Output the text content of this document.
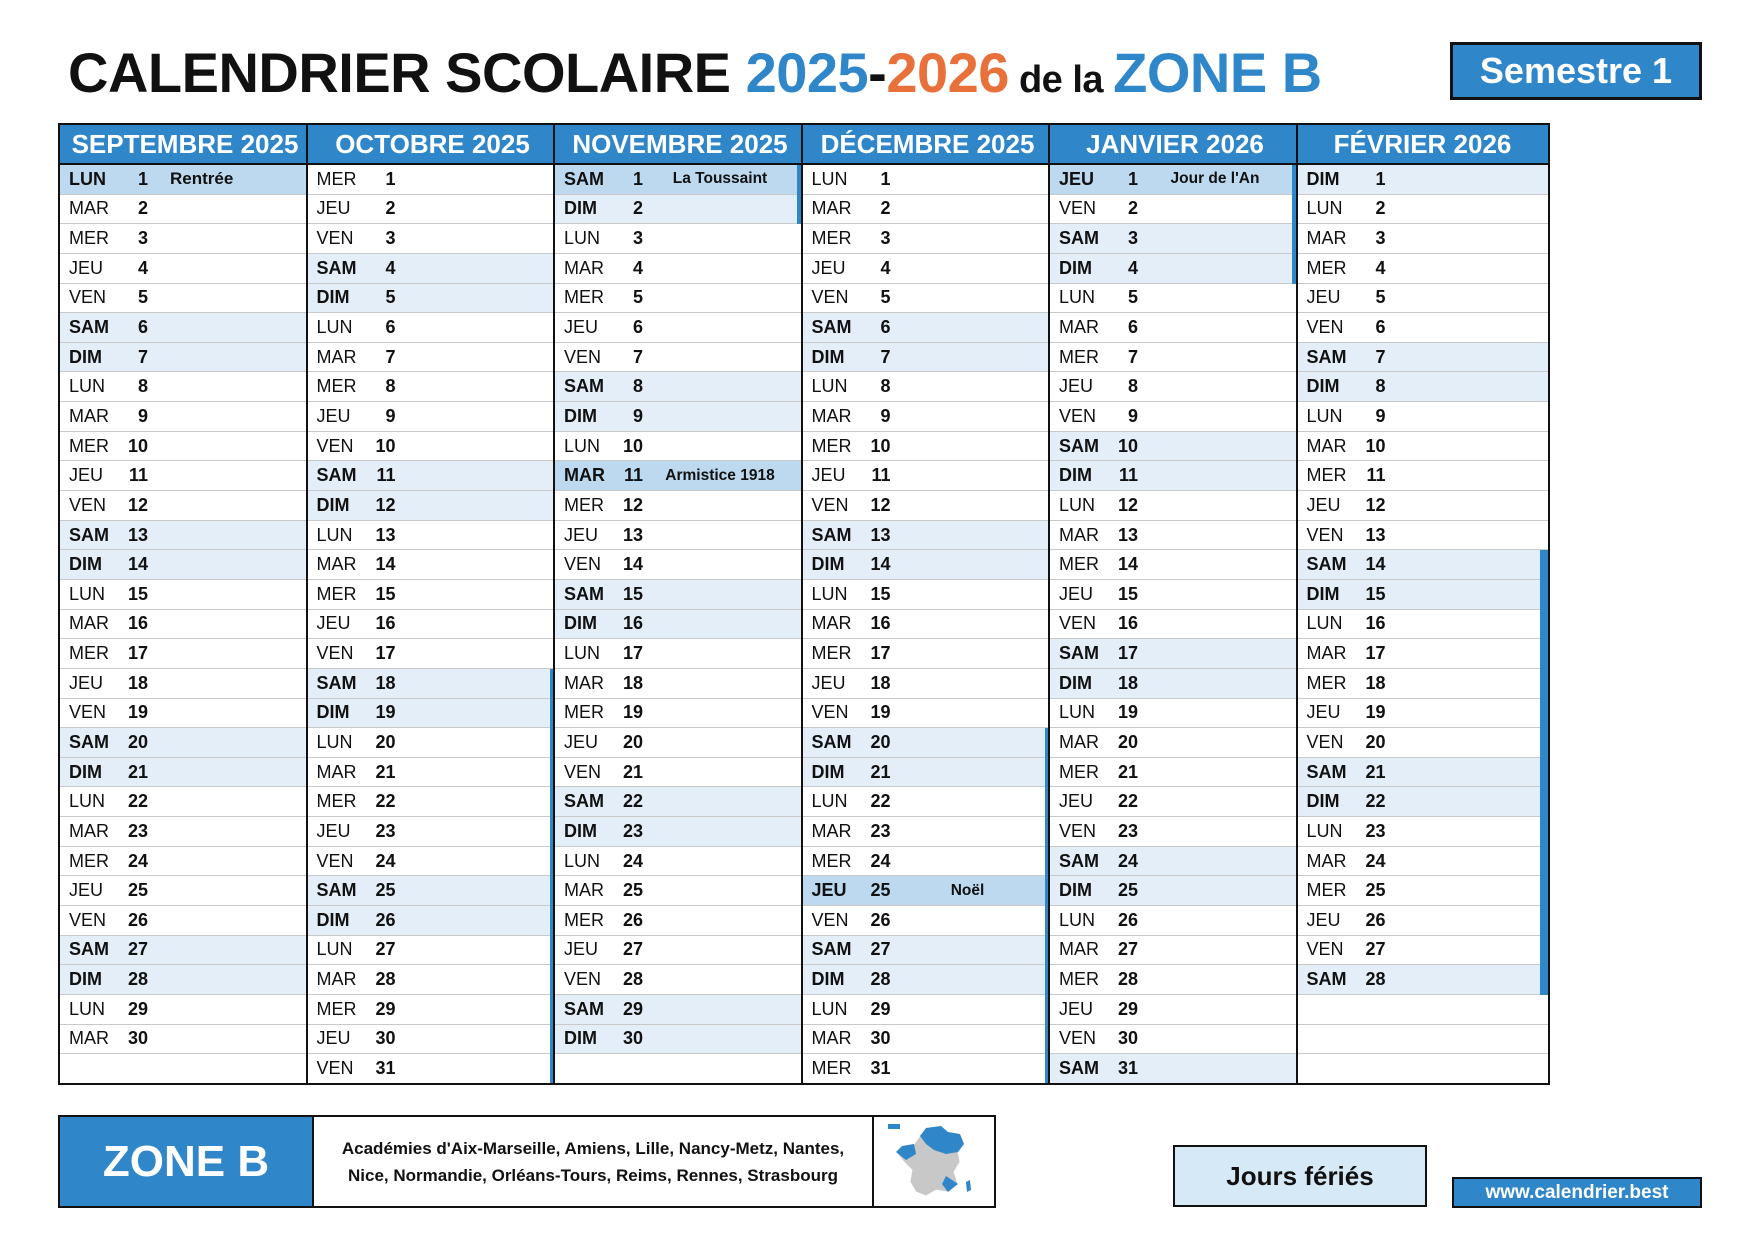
CALENDRIER SCOLAIRE 2025 - 2026 de la ZONE B	Semestre 1
SEPTEMBRE 2025
LUN	1	Rentrée
MAR	2
MER	3
JEU	4
VEN	5
SAM	6
DIM	7
LUN	8
MAR	9
MER	10
JEU	11
VEN	12
SAM	13
DIM	14
LUN	15
MAR	16
MER	17
JEU	18
VEN	19
SAM	20
DIM	21
LUN	22
MAR	23
MER	24
JEU	25
VEN	26
SAM	27
DIM	28
LUN	29
MAR	30
OCTOBRE 2025
MER	1
JEU	2
VEN	3
SAM	4
DIM	5
LUN	6
MAR	7
MER	8
JEU	9
VEN	10
SAM	11
DIM	12
LUN	13
MAR	14
MER	15
JEU	16
VEN	17
SAM	18
DIM	19
LUN	20
MAR	21
MER	22
JEU	23
VEN	24
SAM	25
DIM	26
LUN	27
MAR	28
MER	29
JEU	30
VEN	31
NOVEMBRE 2025
SAM	1	La Toussaint
DIM	2
LUN	3
MAR	4
MER	5
JEU	6
VEN	7
SAM	8
DIM	9
LUN	10
MAR	11	Armistice 1918
MER	12
JEU	13
VEN	14
SAM	15
DIM	16
LUN	17
MAR	18
MER	19
JEU	20
VEN	21
SAM	22
DIM	23
LUN	24
MAR	25
MER	26
JEU	27
VEN	28
SAM	29
DIM	30
DÉCEMBRE 2025
LUN	1
MAR	2
MER	3
JEU	4
VEN	5
SAM	6
DIM	7
LUN	8
MAR	9
MER	10
JEU	11
VEN	12
SAM	13
DIM	14
LUN	15
MAR	16
MER	17
JEU	18
VEN	19
SAM	20
DIM	21
LUN	22
MAR	23
MER	24
JEU	25	Noël
VEN	26
SAM	27
DIM	28
LUN	29
MAR	30
MER	31
JANVIER 2026
JEU	1	Jour de l'An
VEN	2
SAM	3
DIM	4
LUN	5
MAR	6
MER	7
JEU	8
VEN	9
SAM	10
DIM	11
LUN	12
MAR	13
MER	14
JEU	15
VEN	16
SAM	17
DIM	18
LUN	19
MAR	20
MER	21
JEU	22
VEN	23
SAM	24
DIM	25
LUN	26
MAR	27
MER	28
JEU	29
VEN	30
SAM	31
FÉVRIER 2026
DIM	1
LUN	2
MAR	3
MER	4
JEU	5
VEN	6
SAM	7
DIM	8
LUN	9
MAR	10
MER	11
JEU	12
VEN	13
SAM	14
DIM	15
LUN	16
MAR	17
MER	18
JEU	19
VEN	20
SAM	21
DIM	22
LUN	23
MAR	24
MER	25
JEU	26
VEN	27
SAM	28
ZONE B	Académies d'Aix-Marseille, Amiens, Lille, Nancy-Metz, Nantes,
Nice, Normandie, Orléans-Tours, Reims, Rennes, Strasbourg	Jours fériés
www.calendrier.best
